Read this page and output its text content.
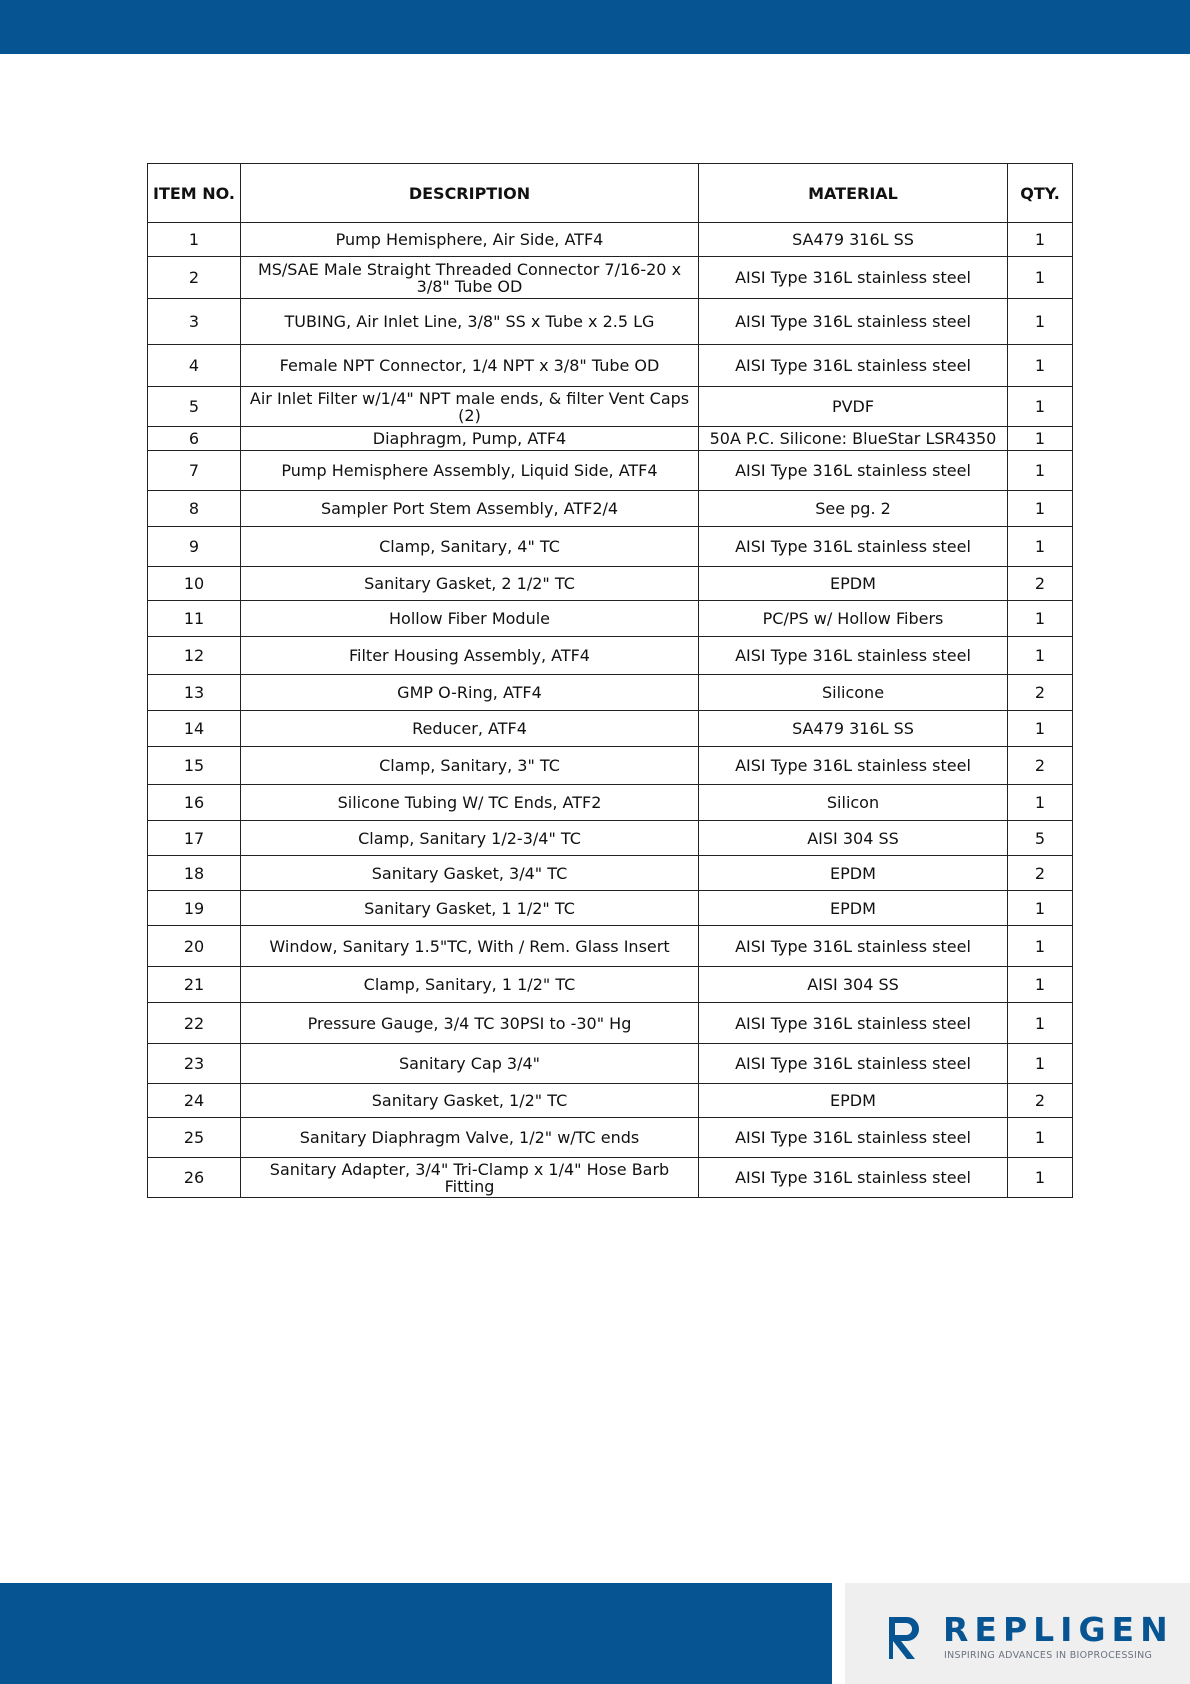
ITEM NO.	DESCRIPTION	MATERIAL	QTY.
1	Pump Hemisphere, Air Side, ATF4	SA479 316L SS	1
2	MS/SAE Male Straight Threaded Connector 7/16-20 x 3/8" Tube OD	AISI Type 316L stainless steel	1
3	TUBING, Air Inlet Line, 3/8" SS x Tube x 2.5 LG	AISI Type 316L stainless steel	1
4	Female NPT Connector, 1/4 NPT x 3/8" Tube OD	AISI Type 316L stainless steel	1
5	Air Inlet Filter w/1/4" NPT male ends, & filter Vent Caps (2)	PVDF	1
6	Diaphragm, Pump, ATF4	50A P.C. Silicone: BlueStar LSR4350	1
7	Pump Hemisphere Assembly, Liquid Side, ATF4	AISI Type 316L stainless steel	1
8	Sampler Port Stem Assembly, ATF2/4	See pg. 2	1
9	Clamp, Sanitary, 4" TC	AISI Type 316L stainless steel	1
10	Sanitary Gasket, 2 1/2" TC	EPDM	2
11	Hollow Fiber Module	PC/PS w/ Hollow Fibers	1
12	Filter Housing Assembly, ATF4	AISI Type 316L stainless steel	1
13	GMP O-Ring, ATF4	Silicone	2
14	Reducer, ATF4	SA479 316L SS	1
15	Clamp, Sanitary, 3" TC	AISI Type 316L stainless steel	2
16	Silicone Tubing W/ TC Ends, ATF2	Silicon	1
17	Clamp, Sanitary 1/2-3/4" TC	AISI 304 SS	5
18	Sanitary Gasket, 3/4" TC	EPDM	2
19	Sanitary Gasket, 1 1/2" TC	EPDM	1
20	Window, Sanitary 1.5"TC, With / Rem. Glass Insert	AISI Type 316L stainless steel	1
21	Clamp, Sanitary, 1 1/2" TC	AISI 304 SS	1
22	Pressure Gauge, 3/4 TC 30PSI to -30" Hg	AISI Type 316L stainless steel	1
23	Sanitary Cap 3/4"	AISI Type 316L stainless steel	1
24	Sanitary Gasket, 1/2" TC	EPDM	2
25	Sanitary Diaphragm Valve, 1/2" w/TC ends	AISI Type 316L stainless steel	1
26	Sanitary Adapter, 3/4" Tri-Clamp x 1/4" Hose Barb Fitting	AISI Type 316L stainless steel	1
REPLIGEN
INSPIRING ADVANCES IN BIOPROCESSING
